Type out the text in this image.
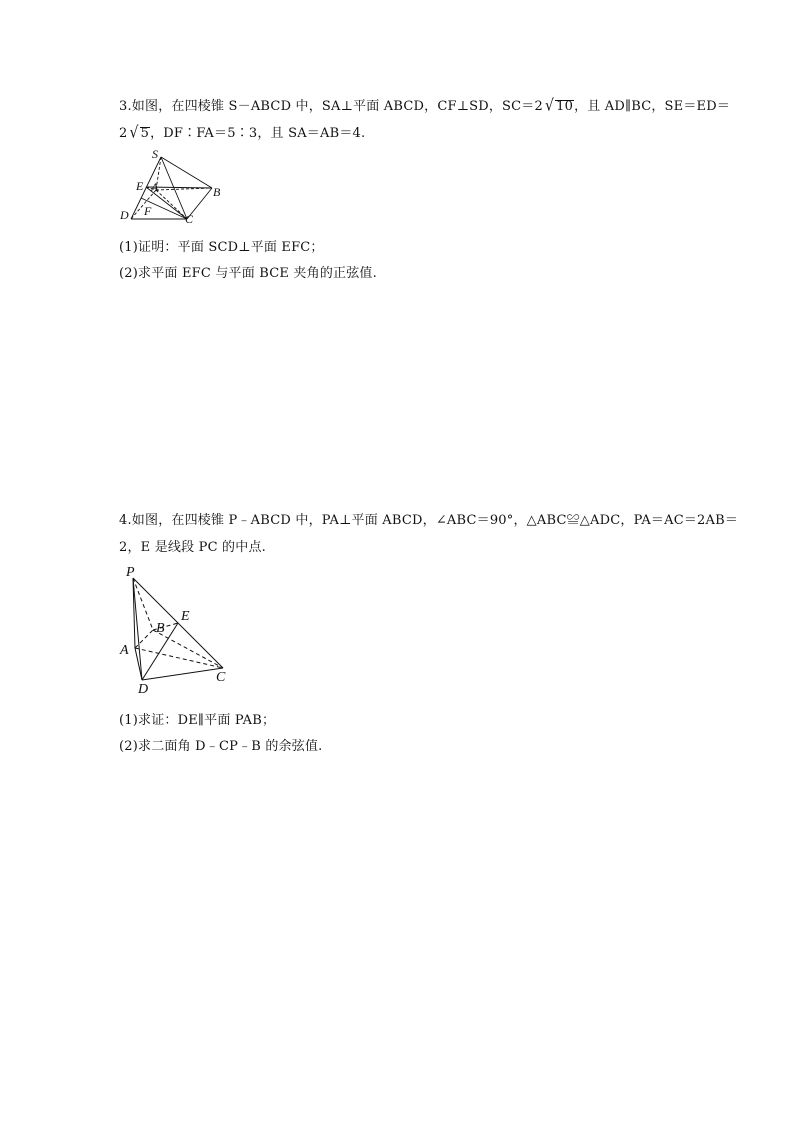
3.如图，在四棱锥 S－ABCD 中，SA⊥平面 ABCD，CF⊥SD，SC＝2 √ 10，且 AD∥BC，SE＝ED＝
2 √ 5，DF∶FA＝5∶3，且 SA＝AB＝4.
S
E A	B
F
D	C
(1)证明：平面 SCD⊥平面 EFC；
(2)求平面 EFC 与平面 BCE 夹角的正弦值.
4.如图，在四棱锥 P﹣ABCD 中，PA⊥平面 ABCD，∠ABC＝90°，△ABC≌△ADC，PA＝AC＝2AB＝
2，E 是线段 PC 的中点.
P
E
B
A
D
C
(1)求证：DE∥平面 PAB；
(2)求二面角 D﹣CP﹣B 的余弦值.
